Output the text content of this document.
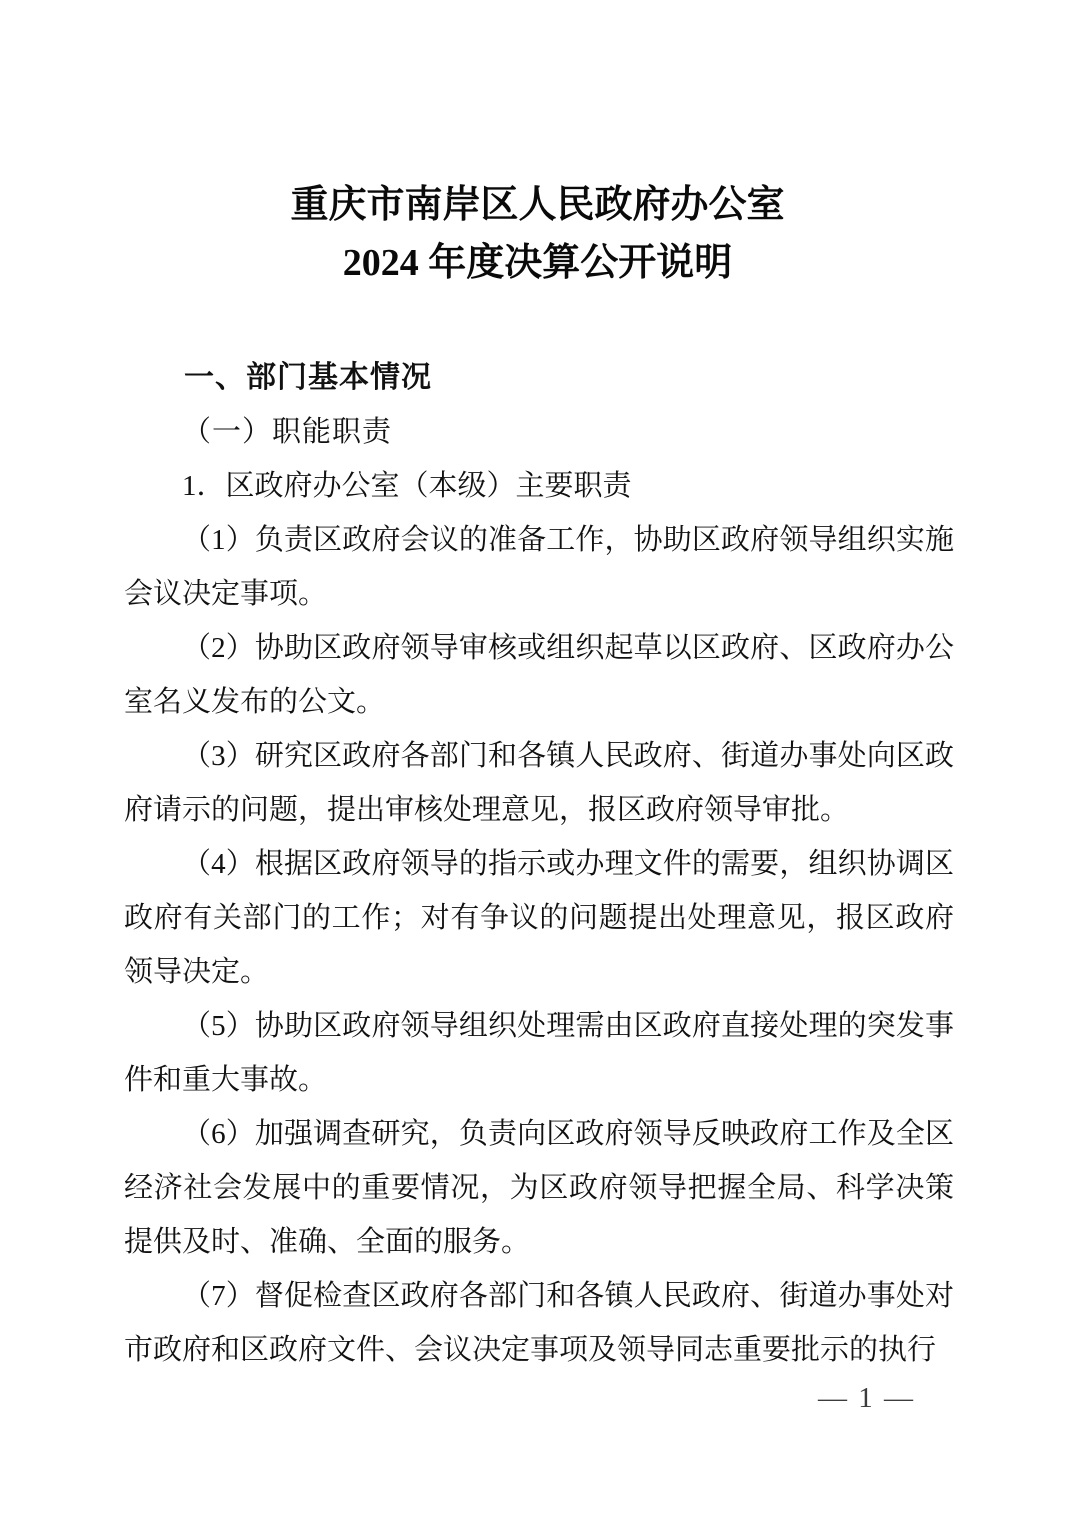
重庆市南岸区人民政府办公室
2024 年度决算公开说明
一、部门基本情况

（一）职能职责

1．区政府办公室（本级）主要职责

（1）负责区政府会议的准备工作，协助区政府领导组织实施会议决定事项。

（2）协助区政府领导审核或组织起草以区政府、区政府办公室名义发布的公文。

（3）研究区政府各部门和各镇人民政府、街道办事处向区政府请示的问题，提出审核处理意见，报区政府领导审批。

（4）根据区政府领导的指示或办理文件的需要，组织协调区政府有关部门的工作；对有争议的问题提出处理意见，报区政府领导决定。

（5）协助区政府领导组织处理需由区政府直接处理的突发事件和重大事故。

（6）加强调查研究，负责向区政府领导反映政府工作及全区经济社会发展中的重要情况，为区政府领导把握全局、科学决策提供及时、准确、全面的服务。

（7）督促检查区政府各部门和各镇人民政府、街道办事处对市政府和区政府文件、会议决定事项及领导同志重要批示的执行

— 1 —
